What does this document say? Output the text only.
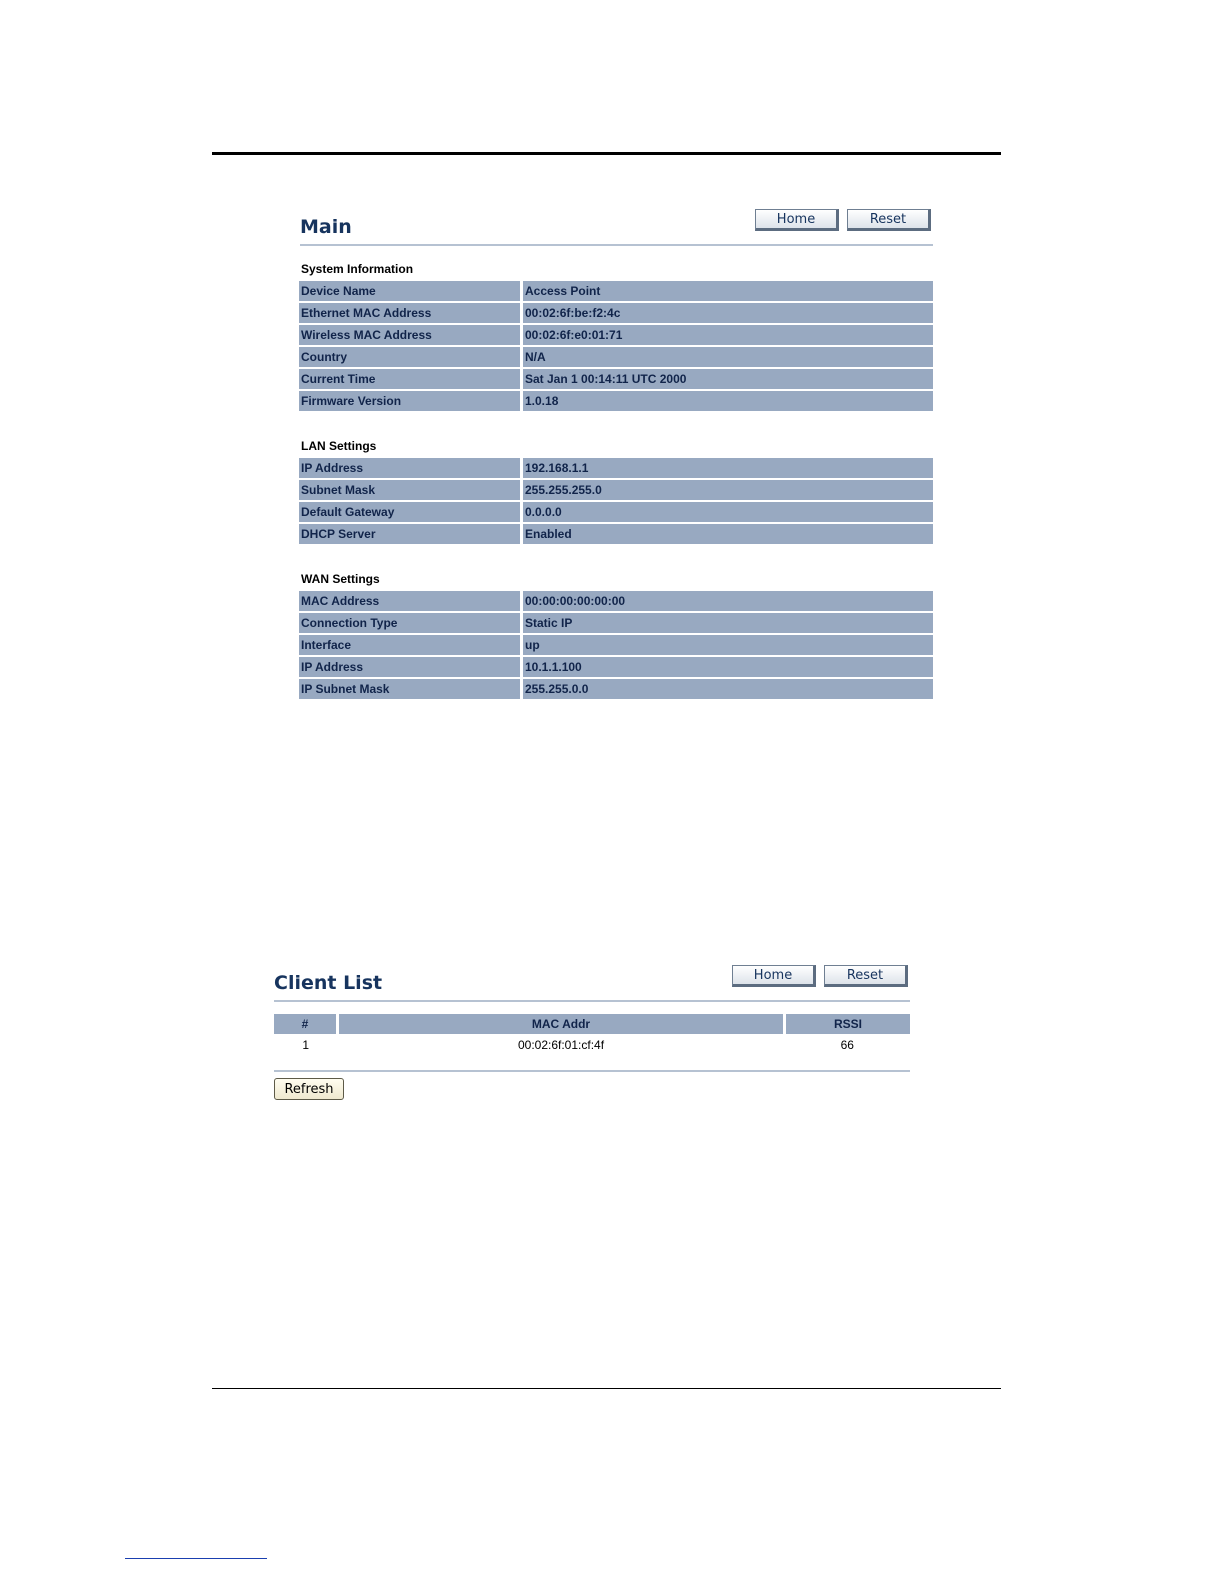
Main	Home	Reset
System Information
Device Name	Access Point
Ethernet MAC Address	00:02:6f:be:f2:4c
Wireless MAC Address	00:02:6f:e0:01:71
Country	N/A
Current Time	Sat Jan 1 00:14:11 UTC 2000
Firmware Version	1.0.18
LAN Settings
IP Address	192.168.1.1
Subnet Mask	255.255.255.0
Default Gateway	0.0.0.0
DHCP Server	Enabled
WAN Settings
MAC Address	00:00:00:00:00:00
Connection Type	Static IP
Interface	up
IP Address	10.1.1.100
IP Subnet Mask	255.255.0.0
Client List	Home	Reset
#	MAC Addr	RSSI
1	00:02:6f:01:cf:4f	66
Refresh
